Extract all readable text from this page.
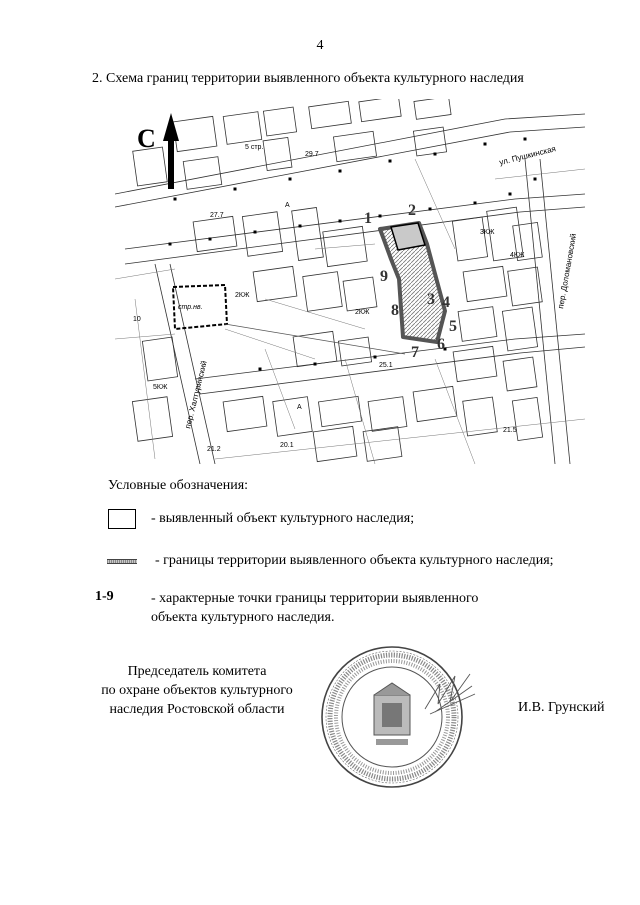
4
2. Схема границ территории выявленного объекта культурного наследия
С
ул. Пушкинская
пер. Доломановский
пер. Халтуринский
29.7
27.7
25.1
21.5
21.2
20.1
2КЖ
стр.нв.
5 стр.
5КЖ
3КЖ
4КЖ
2КЖ
А
А
10
1 2
3 4
5
6
7
8
9
Условные обозначения:
- выявленный объект культурного наследия;
- границы территории выявленного объекта культурного наследия;
1-9	- характерные точки границы территории выявленного
объекта культурного наследия.
Председатель комитета
по охране объектов культурного
наследия Ростовской области	И.В. Грунский
